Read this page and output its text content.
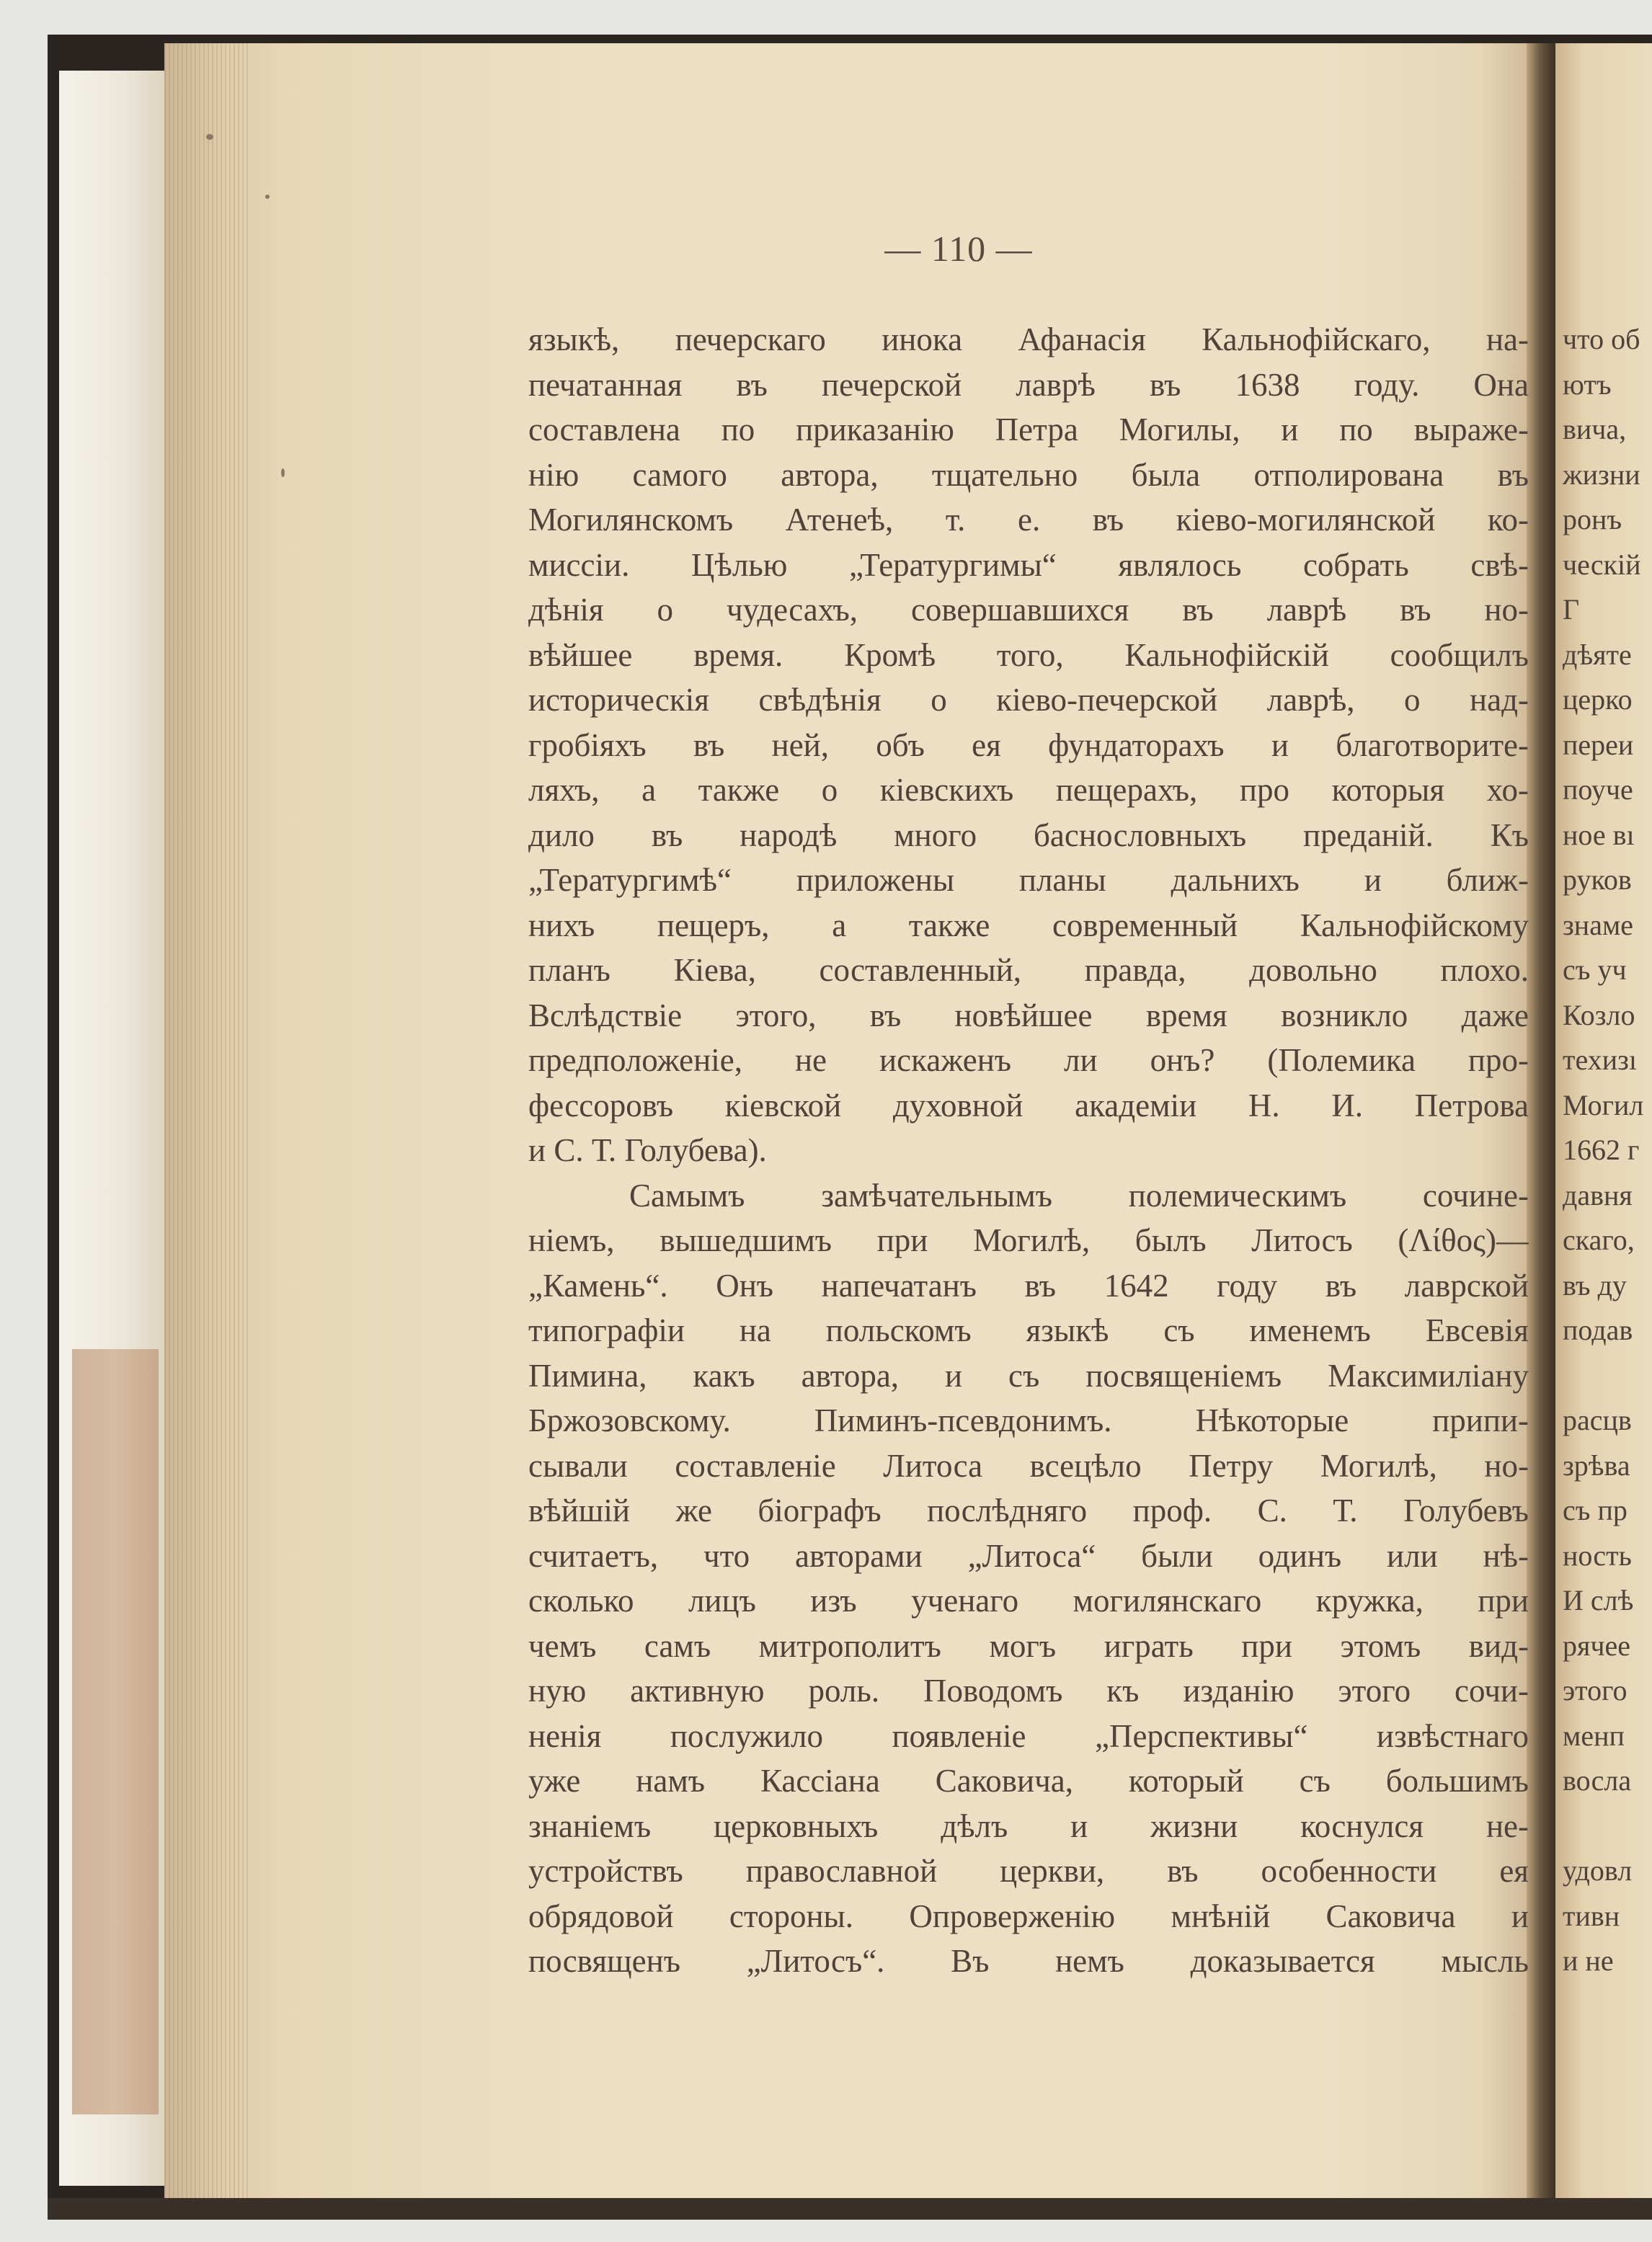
что об
ютъ
вича,
жизни
ронъ
ческій
Г
дѣяте
церко
переи
поуче
ное вı
руков
знаме
съ уч
Козло
техизı
Могил
1662 г
давня
скаго,
въ ду
подав
расцв
зрѣва
съ пр
ность
И слѣ
рячее
этого
менп
восла
удовл
тивн
и не
— 110 —
языкѣ, печерскаго инока Афанасія Кальнофійскаго, на-
печатанная въ печерской лаврѣ въ 1638 году. Она
составлена по приказанію Петра Могилы, и по выраже-
нію самого автора, тщательно была отполирована въ
Могилянскомъ Атенеѣ, т. е. въ кіево-могилянской ко-
миссіи. Цѣлью „Тератургимы“ являлось собрать свѣ-
дѣнія о чудесахъ, совершавшихся въ лаврѣ въ но-
вѣйшее время. Кромѣ того, Кальнофійскій сообщилъ
историческія свѣдѣнія о кіево-печерской лаврѣ, о над-
гробіяхъ въ ней, объ ея фундаторахъ и благотворите-
ляхъ, а также о кіевскихъ пещерахъ, про которыя хо-
дило въ народѣ много баснословныхъ преданій. Къ
„Тератургимѣ“ приложены планы дальнихъ и ближ-
нихъ пещеръ, а также современный Кальнофійскому
планъ Кіева, составленный, правда, довольно плохо.
Вслѣдствіе этого, въ новѣйшее время возникло даже
предположеніе, не искаженъ ли онъ? (Полемика про-
фессоровъ кіевской духовной академіи Н. И. Петрова
и С. Т. Голубева).
Самымъ замѣчательнымъ полемическимъ сочине-
ніемъ, вышедшимъ при Могилѣ, былъ Литосъ (Λίθος)—
„Камень“. Онъ напечатанъ въ 1642 году въ лаврской
типографіи на польскомъ языкѣ съ именемъ Евсевія
Пимина, какъ автора, и съ посвященіемъ Максимиліану
Бржозовскому. Пиминъ-псевдонимъ. Нѣкоторые припи-
сывали составленіе Литоса всецѣло Петру Могилѣ, но-
вѣйшій же біографъ послѣдняго проф. С. Т. Голубевъ
считаетъ, что авторами „Литоса“ были одинъ или нѣ-
сколько лицъ изъ ученаго могилянскаго кружка, при
чемъ самъ митрополитъ могъ играть при этомъ вид-
ную активную роль. Поводомъ къ изданію этого сочи-
ненія послужило появленіе „Перспективы“ извѣстнаго
уже намъ Кассіана Саковича, который съ большимъ
знаніемъ церковныхъ дѣлъ и жизни коснулся не-
устройствъ православной церкви, въ особенности ея
обрядовой стороны. Опроверженію мнѣній Саковича и
посвященъ „Литосъ“. Въ немъ доказывается мысль
